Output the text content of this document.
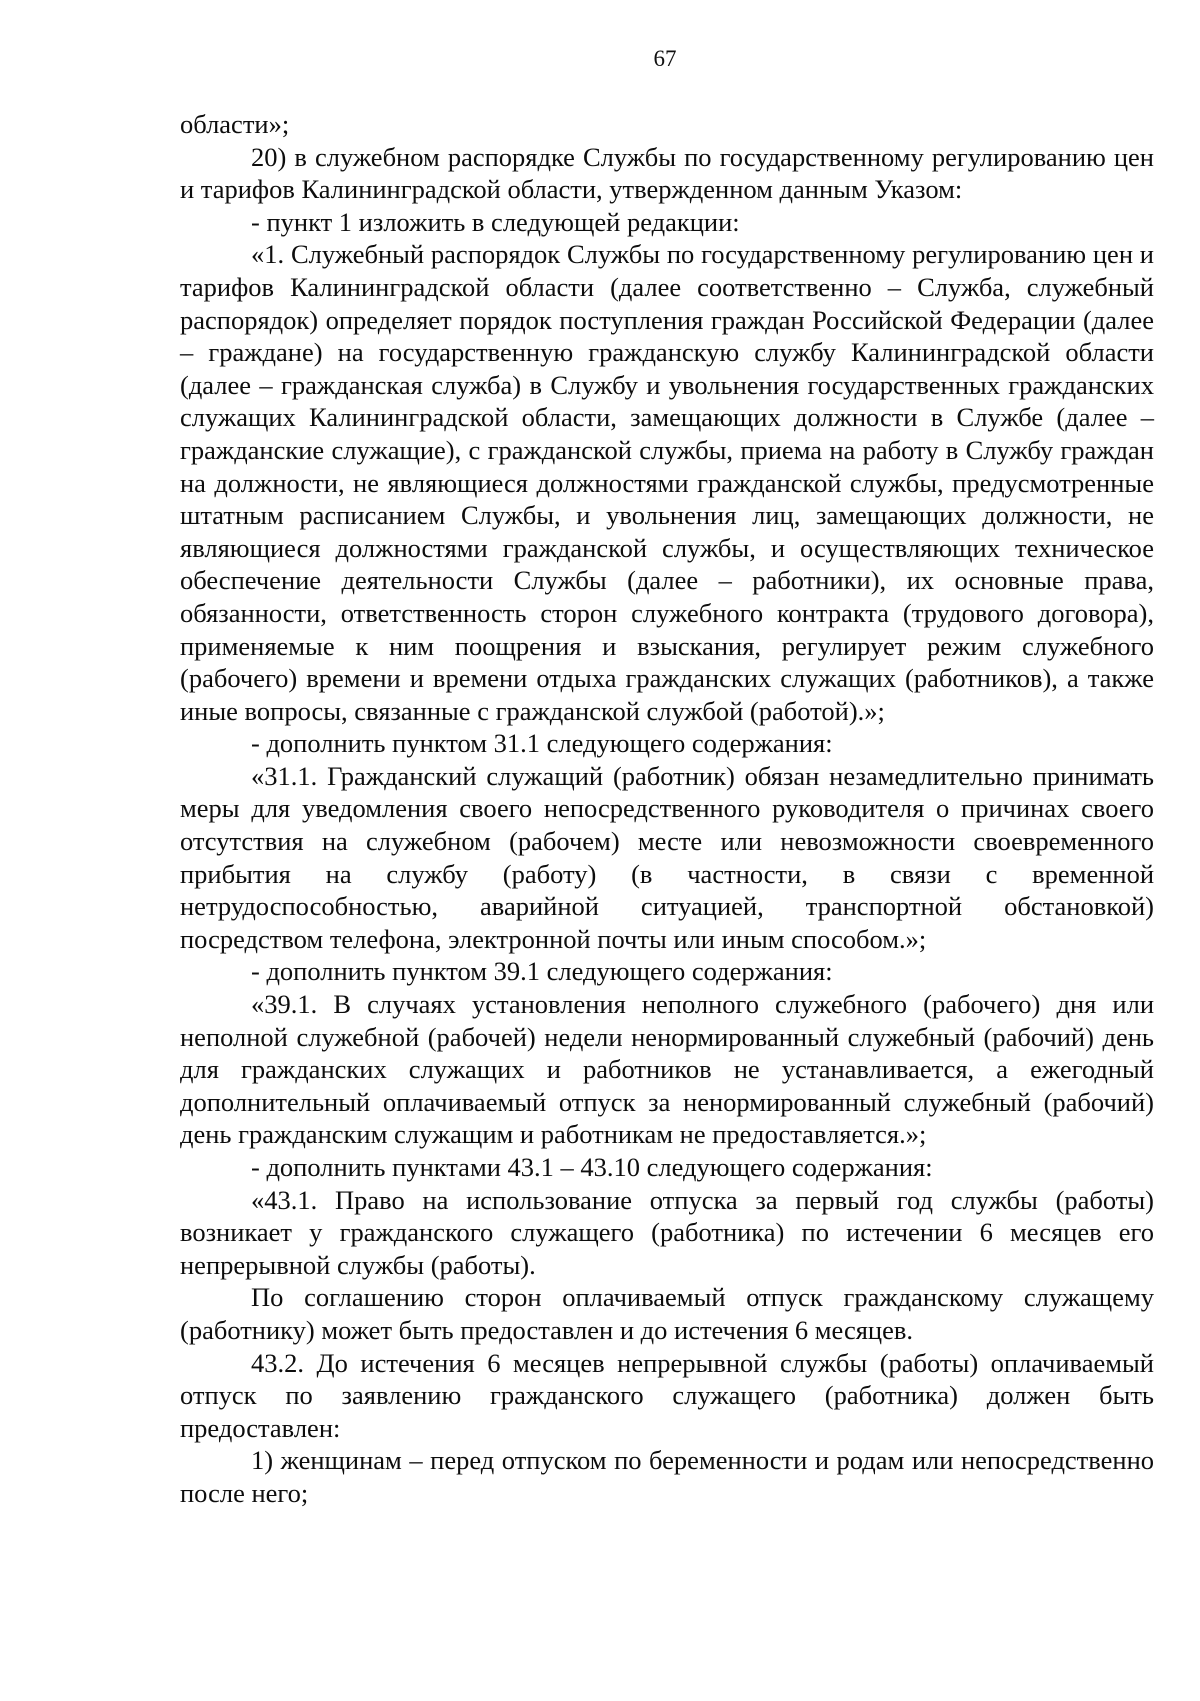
67

области»;

20) в служебном распорядке Службы по государственному регулированию цен и тарифов Калининградской области, утвержденном данным Указом:

- пункт 1 изложить в следующей редакции:

«1. Служебный распорядок Службы по государственному регулированию цен и тарифов Калининградской области (далее соответственно – Служба, служебный распорядок) определяет порядок поступления граждан Российской Федерации (далее – граждане) на государственную гражданскую службу Калининградской области (далее – гражданская служба) в Службу и увольнения государственных гражданских служащих Калининградской области, замещающих должности в Службе (далее – гражданские служащие), с гражданской службы, приема на работу в Службу граждан на должности, не являющиеся должностями гражданской службы, предусмотренные штатным расписанием Службы, и увольнения лиц, замещающих должности, не являющиеся должностями гражданской службы, и осуществляющих техническое обеспечение деятельности Службы (далее – работники), их основные права, обязанности, ответственность сторон служебного контракта (трудового договора), применяемые к ним поощрения и взыскания, регулирует режим служебного (рабочего) времени и времени отдыха гражданских служащих (работников), а также иные вопросы, связанные с гражданской службой (работой).»;

- дополнить пунктом 31.1 следующего содержания:

«31.1. Гражданский служащий (работник) обязан незамедлительно принимать меры для уведомления своего непосредственного руководителя о причинах своего отсутствия на служебном (рабочем) месте или невозможности своевременного прибытия на службу (работу) (в частности, в связи с временной нетрудоспособностью, аварийной ситуацией, транспортной обстановкой) посредством телефона, электронной почты или иным способом.»;

- дополнить пунктом 39.1 следующего содержания:

«39.1. В случаях установления неполного служебного (рабочего) дня или неполной служебной (рабочей) недели ненормированный служебный (рабочий) день для гражданских служащих и работников не устанавливается, а ежегодный дополнительный оплачиваемый отпуск за ненормированный служебный (рабочий) день гражданским служащим и работникам не предоставляется.»;

- дополнить пунктами 43.1 – 43.10 следующего содержания:

«43.1. Право на использование отпуска за первый год службы (работы) возникает у гражданского служащего (работника) по истечении 6 месяцев его непрерывной службы (работы).

По соглашению сторон оплачиваемый отпуск гражданскому служащему (работнику) может быть предоставлен и до истечения 6 месяцев.

43.2. До истечения 6 месяцев непрерывной службы (работы) оплачиваемый отпуск по заявлению гражданского служащего (работника) должен быть предоставлен:

1) женщинам – перед отпуском по беременности и родам или непосредственно после него;
